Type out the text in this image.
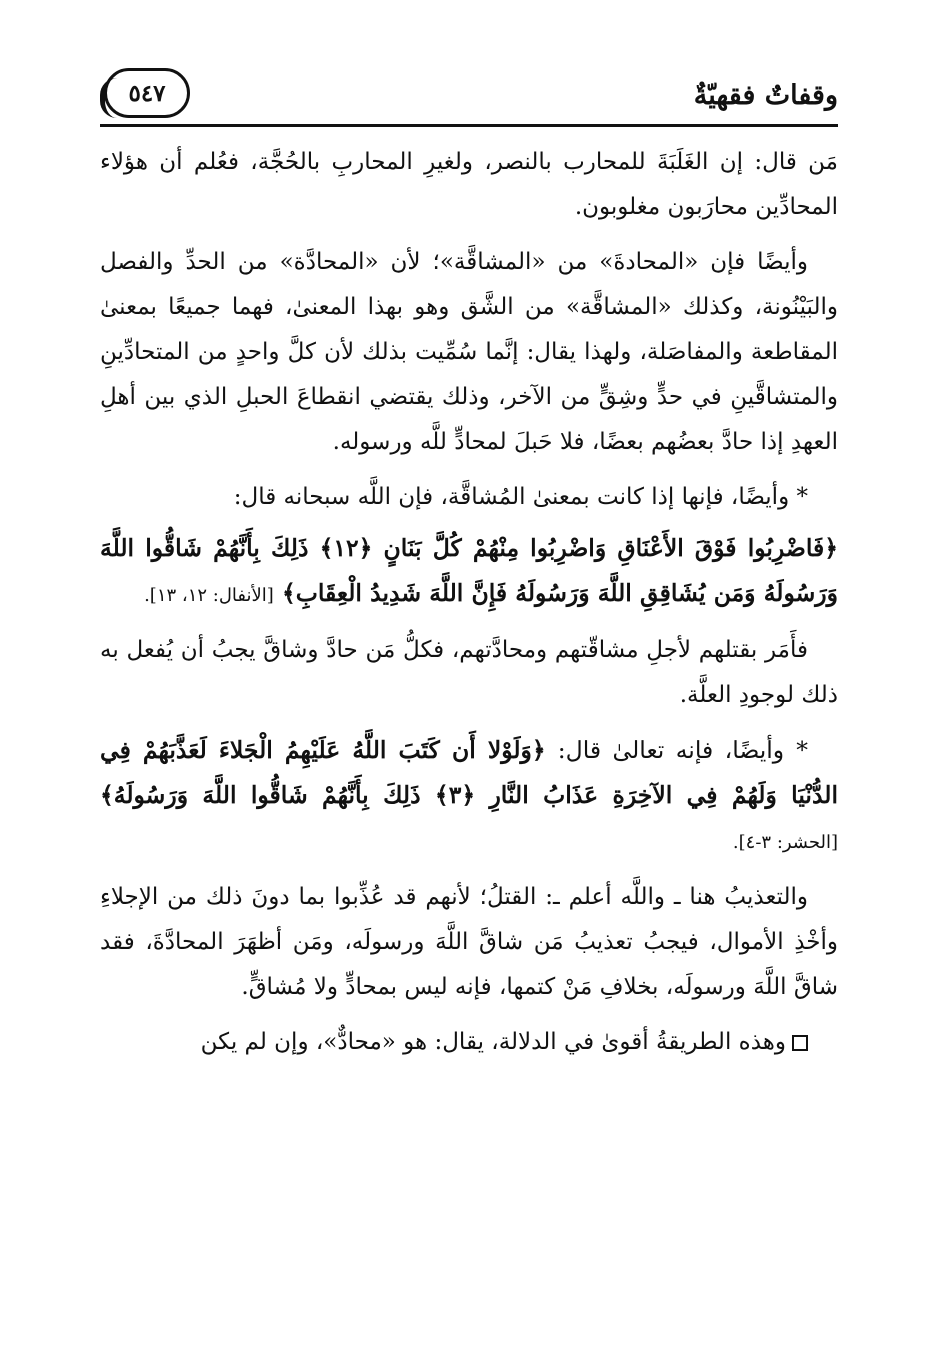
وقفاتٌ فقهيّةٌ
٥٤٧

مَن قال: إن الغَلَبَةَ للمحارب بالنصر، ولغيرِ المحاربِ بالحُجَّة، فعُلم أن هؤلاء المحادِّين محارَبون مغلوبون.

وأيضًا فإن «المحادةَ» من «المشاقَّة»؛ لأن «المحادَّة» من الحدِّ والفصل والبَيْنُونة، وكذلك «المشاقَّة» من الشَّق وهو بهذا المعنىٰ، فهما جميعًا بمعنىٰ المقاطعة والمفاصَلة، ولهذا يقال: إنَّما سُمِّيت بذلك لأن كلَّ واحدٍ من المتحادِّينِ والمتشاقَّينِ في حدٍّ وشِقٍّ من الآخر، وذلك يقتضي انقطاعَ الحبلِ الذي بين أهلِ العهدِ إذا حادَّ بعضُهم بعضًا، فلا حَبلَ لمحادٍّ للَّه ورسوله.

* وأيضًا، فإنها إذا كانت بمعنىٰ المُشاقَّة، فإن اللَّه سبحانه قال:

﴿فَاضْرِبُوا فَوْقَ الأَعْنَاقِ وَاضْرِبُوا مِنْهُمْ كُلَّ بَنَانٍ ﴿١٢﴾ ذَلِكَ بِأَنَّهُمْ شَاقُّوا اللَّهَ وَرَسُولَهُ وَمَن يُشَاقِقِ اللَّهَ وَرَسُولَهُ فَإِنَّ اللَّهَ شَدِيدُ الْعِقَابِ﴾ [الأنفال: ١٢، ١٣].

فأَمَر بقتلهم لأجلِ مشاقّتهم ومحادَّتهم، فكلُّ مَن حادَّ وشاقَّ يجبُ أن يُفعل به ذلك لوجودِ العلَّة.

* وأيضًا، فإنه تعالىٰ قال: ﴿وَلَوْلا أَن كَتَبَ اللَّهُ عَلَيْهِمُ الْجَلاءَ لَعَذَّبَهُمْ فِي الدُّنْيَا وَلَهُمْ فِي الآخِرَةِ عَذَابُ النَّارِ ﴿٣﴾ ذَلِكَ بِأَنَّهُمْ شَاقُّوا اللَّهَ وَرَسُولَهُ﴾ [الحشر: ٣-٤].

والتعذيبُ هنا ـ واللَّه أعلم ـ: القتلُ؛ لأنهم قد عُذِّبوا بما دونَ ذلك من الإجلاءِ وأخْذِ الأموال، فيجبُ تعذيبُ مَن شاقَّ اللَّهَ ورسولَه، ومَن أظهَرَ المحادَّةَ، فقد شاقَّ اللَّهَ ورسولَه، بخلافِ مَنْ كتمها، فإنه ليس بمحادٍّ ولا مُشاقٍّ.

وهذه الطريقةُ أقوىٰ في الدلالة، يقال: هو «محادٌّ»، وإن لم يكن
